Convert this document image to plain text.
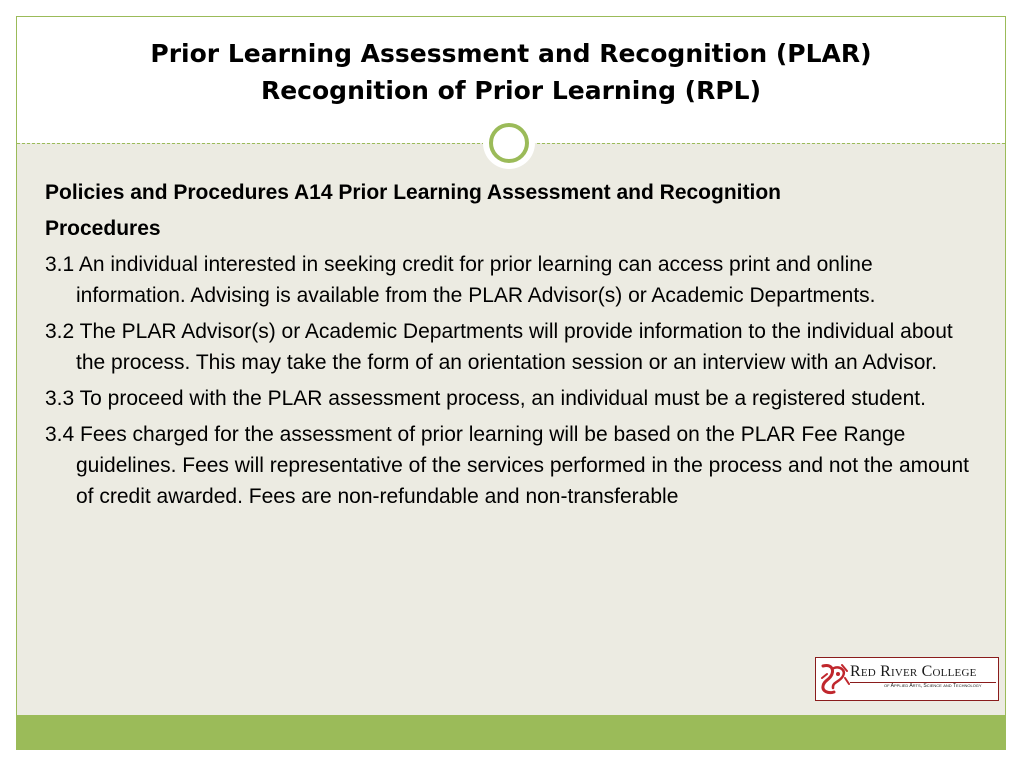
Prior Learning Assessment and Recognition (PLAR)
Recognition of Prior Learning (RPL)
Policies and Procedures A14 Prior Learning Assessment and Recognition
Procedures
3.1 An individual interested in seeking credit for prior learning can access print and online information. Advising is available from the PLAR Advisor(s) or Academic Departments.
3.2 The PLAR Advisor(s) or Academic Departments will provide information to the individual about the process. This may take the form of an orientation session or an interview with an Advisor.
3.3 To proceed with the PLAR assessment process, an individual must be a registered student.
3.4 Fees charged for the assessment of prior learning will be based on the PLAR Fee Range guidelines. Fees will representative of the services performed in the process and not the amount of credit awarded. Fees are non-refundable and non-transferable
Red River College
of Applied Arts, Science and Technology
